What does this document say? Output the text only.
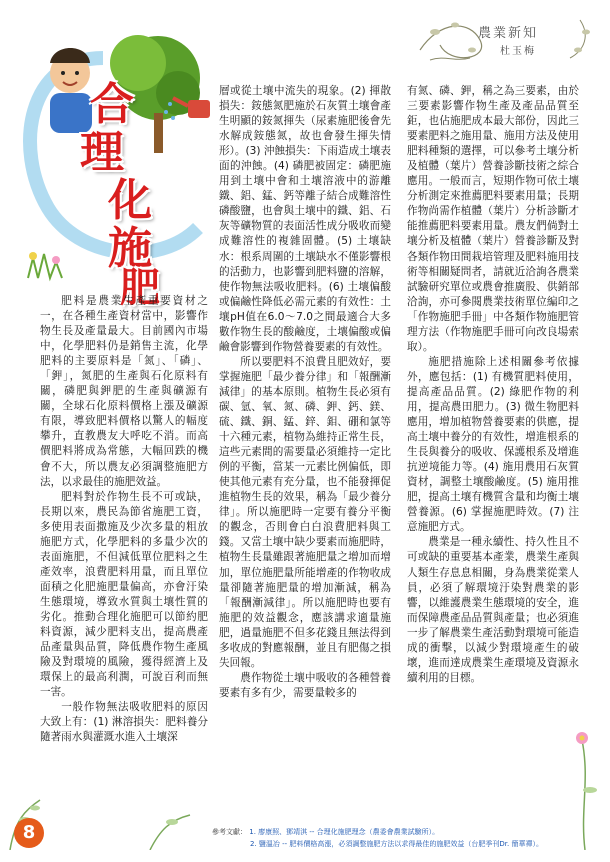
農業新知
杜玉梅
合
理
化
施
肥

肥料是農業生產重要資材之一，在各種生產資材當中，影響作物生長及產量最大。目前國內市場中，化學肥料仍是銷售主流，化學肥料的主要原料是「氮」、「磷」、「鉀」，氮肥的生產與石化原料有關，磷肥與鉀肥的生產與礦源有關，全球石化原料價格上漲及礦源有限，導致肥料價格以驚人的幅度攀升，直教農友大呼吃不消。而高價肥料將成為常態，大幅回跌的機會不大，所以農友必須調整施肥方法，以求最佳的施肥效益。

肥料對於作物生長不可或缺，長期以來，農民為節省施肥工資，多使用表面撒施及少次多量的粗放施肥方式，化學肥料的多量少次的表面施肥，不但減低單位肥料之生產效率，浪費肥料用量，而且單位面積之化肥施肥量偏高，亦會汙染生態環境，導致水質與土壤性質的劣化。推動合理化施肥可以節約肥料資源，減少肥料支出，提高農產品產量與品質，降低農作物生產風險及對環境的風險，獲得經濟上及環保上的最高利潤，可說百利而無一害。

一般作物無法吸收肥料的原因大致上有：(1) 淋溶損失：肥料養分隨著雨水與灌溉水進入土壤深

層或從土壤中流失的現象。(2) 揮散損失：銨態氮肥施於石灰質土壤會產生明顯的銨氮揮失（尿素施肥後會先水解成銨態氮，故也會發生揮失情形）。(3) 沖蝕損失：下雨造成土壤表面的沖蝕。(4) 磷肥被固定：磷肥施用到土壤中會和土壤溶液中的游離鐵、鋁、錳、鈣等離子結合成難溶性磷酸鹽，也會與土壤中的鐵、鋁、石灰等礦物質的表面活性成分吸收而變成難溶性的複雜固體。(5) 土壤缺水：根系周圍的土壤缺水不僅影響根的活動力，也影響到肥料鹽的溶解，使作物無法吸收肥料。(6) 土壤偏酸或偏鹼性降低必需元素的有效性：土壤pH值在6.0～7.0之間最適合大多數作物生長的酸鹼度，土壤偏酸或偏鹼會影響到作物營養要素的有效性。

所以要肥料不浪費且肥效好，要掌握施肥「最少養分律」和「報酬漸減律」的基本原則。植物生長必須有碳、氫、氧、氮、磷、鉀、鈣、鎂、硫、鐵、銅、錳、鋅、鉬、硼和氯等十六種元素，植物為維持正常生長，這些元素間的需要量必須維持一定比例的平衡，當某一元素比例偏低，即使其他元素有充分量，也不能發揮促進植物生長的效果，稱為「最少養分律」。所以施肥時一定要有養分平衡的觀念，否則會白白浪費肥料與工錢。又當土壤中缺少要素而施肥時，植物生長量雖跟著施肥量之增加而增加，單位施肥量所能增產的作物收成量卻隨著施肥量的增加漸減，稱為「報酬漸減律」。所以施肥時也要有施肥的效益觀念，應該講求適量施肥，過量施肥不但多花錢且無法得到多收成的對應報酬，並且有肥傷之損失回報。

農作物從土壤中吸收的各種營養要素有多有少，需要量較多的

有氮、磷、鉀，稱之為三要素，由於三要素影響作物生產及產品品質至鉅，也佔施肥成本最大部份，因此三要素肥料之施用量、施用方法及使用肥料種類的選擇，可以參考土壤分析及植體（葉片）營養診斷技術之綜合應用。一般而言，短期作物可依土壤分析測定來推薦肥料要素用量；長期作物尚需作植體（葉片）分析診斷才能推薦肥料要素用量。農友們倘對土壤分析及植體（葉片）營養診斷及對各類作物田間栽培管理及肥料施用技術等相關疑問者，請就近洽詢各農業試驗研究單位或農會推廣股、供銷部洽詢，亦可參閱農業技術單位編印之「作物施肥手冊」中各類作物施肥管理方法（作物施肥手冊可向改良場索取）。

施肥措施除上述相關參考依據外，應包括：(1) 有機質肥料使用，提高產品品質。(2) 綠肥作物的利用，提高農田肥力。(3) 微生物肥料應用，增加植物營養要素的供應，提高土壤中養分的有效性，增進根系的生長與養分的吸收、保護根系及增進抗逆境能力等。(4) 施用農用石灰質資材，調整土壤酸鹼度。(5) 施用推肥，提高土壤有機質含量和均衡土壤營養源。(6) 掌握施肥時效。(7) 注意施肥方式。

農業是一種永續性、持久性且不可或缺的重要基本產業，農業生產與人類生存息息相關，身為農業從業人員，必須了解環境汙染對農業的影響，以維護農業生態環境的安全，進而保障農產品品質與產量；也必須進一步了解農業生產活動對環境可能造成的衝擊，以減少對環境產生的破壞，進而達成農業生產環境及資源永續利用的目標。

8	參考文獻： 1. 廖康照、鄧靖淇 -- 合理化施肥理念（農委會農業試驗所）。
2. 鹽溫冶 -- 肥料價格高漲，必須調整施肥方法以求得最佳的施肥效益（台肥季刊Dr. 簡華禪）。
